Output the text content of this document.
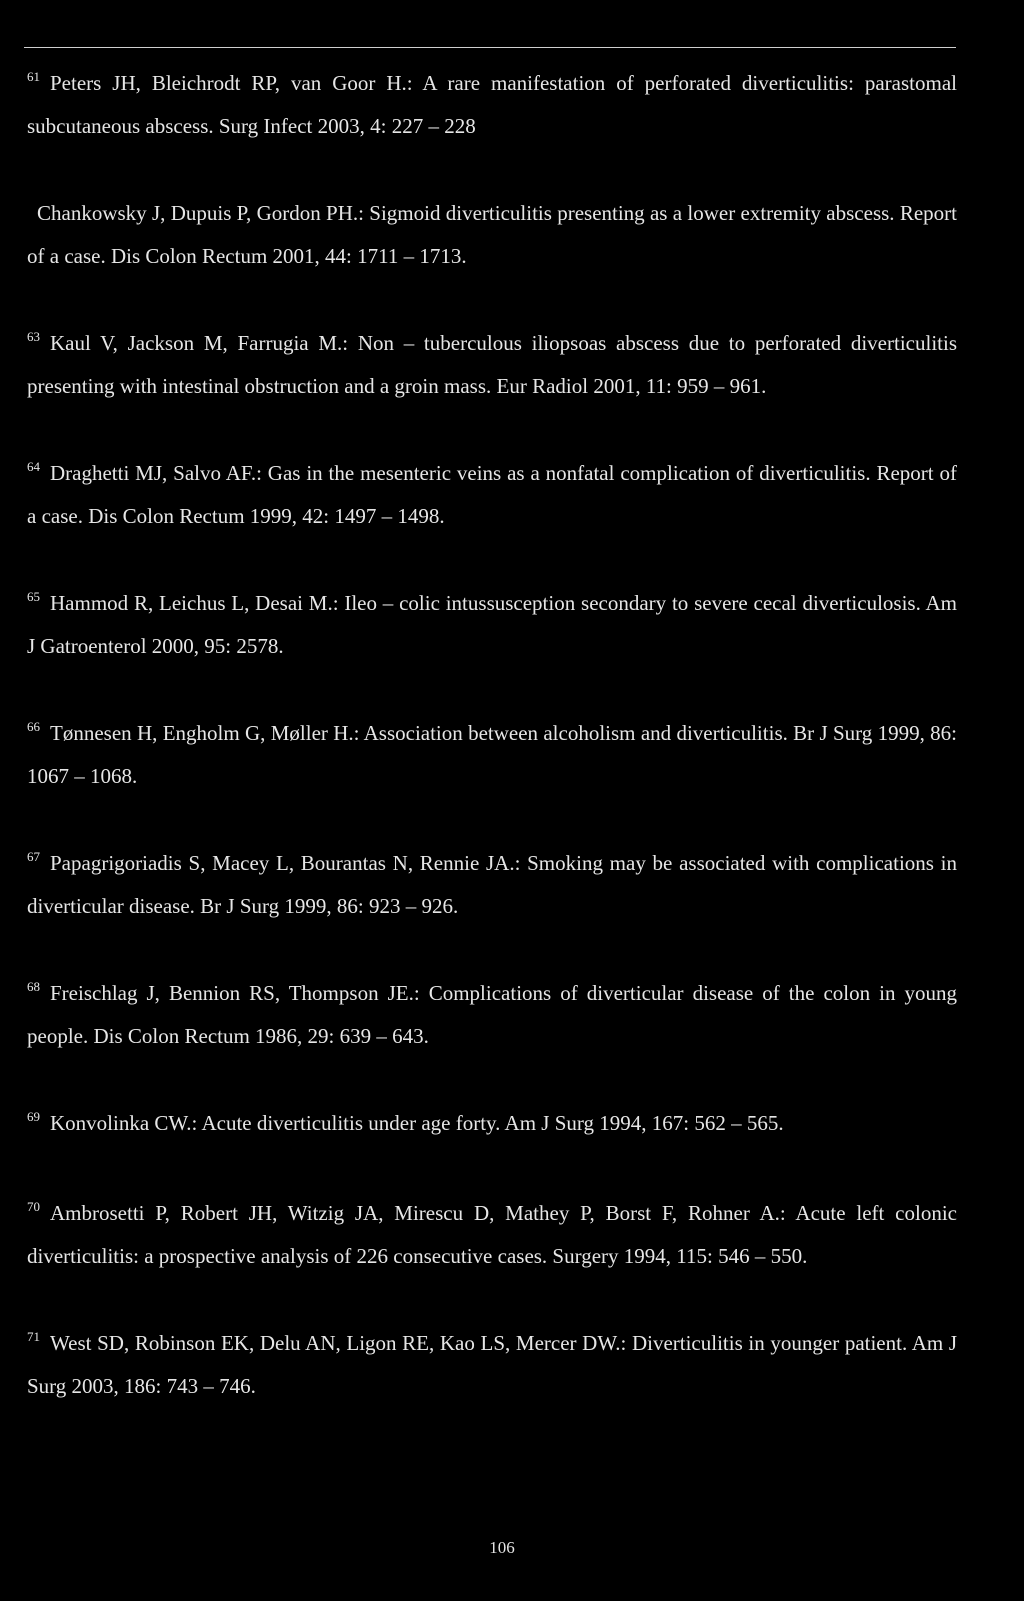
$^{61}$ Peters JH, Bleichrodt RP, van Goor H.: A rare manifestation of perforated diverticulitis: parastomal subcutaneous abscess. Surg Infect 2003, 4: 227 – 228

Chankowsky J, Dupuis P, Gordon PH.: Sigmoid diverticulitis presenting as a lower extremity abscess. Report of a case. Dis Colon Rectum 2001, 44: 1711 – 1713.

$^{63}$ Kaul V, Jackson M, Farrugia M.: Non – tuberculous iliopsoas abscess due to perforated diverticulitis presenting with intestinal obstruction and a groin mass. Eur Radiol 2001, 11: 959 – 961.

$^{64}$ Draghetti MJ, Salvo AF.: Gas in the mesenteric veins as a nonfatal complication of diverticulitis. Report of a case. Dis Colon Rectum 1999, 42: 1497 – 1498.

$^{65}$ Hammod R, Leichus L, Desai M.: Ileo – colic intussusception secondary to severe cecal diverticulosis. Am J Gatroenterol 2000, 95: 2578.

$^{66}$ Tønnesen H, Engholm G, Møller H.: Association between alcoholism and diverticulitis. Br J Surg 1999, 86: 1067 – 1068.

$^{67}$ Papagrigoriadis S, Macey L, Bourantas N, Rennie JA.: Smoking may be associated with complications in diverticular disease. Br J Surg 1999, 86: 923 – 926.

$^{68}$ Freischlag J, Bennion RS, Thompson JE.: Complications of diverticular disease of the colon in young people. Dis Colon Rectum 1986, 29: 639 – 643.

$^{69}$ Konvolinka CW.: Acute diverticulitis under age forty. Am J Surg 1994, 167: 562 – 565.

$^{70}$ Ambrosetti P, Robert JH, Witzig JA, Mirescu D, Mathey P, Borst F, Rohner A.: Acute left colonic diverticulitis: a prospective analysis of 226 consecutive cases. Surgery 1994, 115: 546 – 550.

$^{71}$ West SD, Robinson EK, Delu AN, Ligon RE, Kao LS, Mercer DW.: Diverticulitis in younger patient. Am J Surg 2003, 186: 743 – 746.

106
